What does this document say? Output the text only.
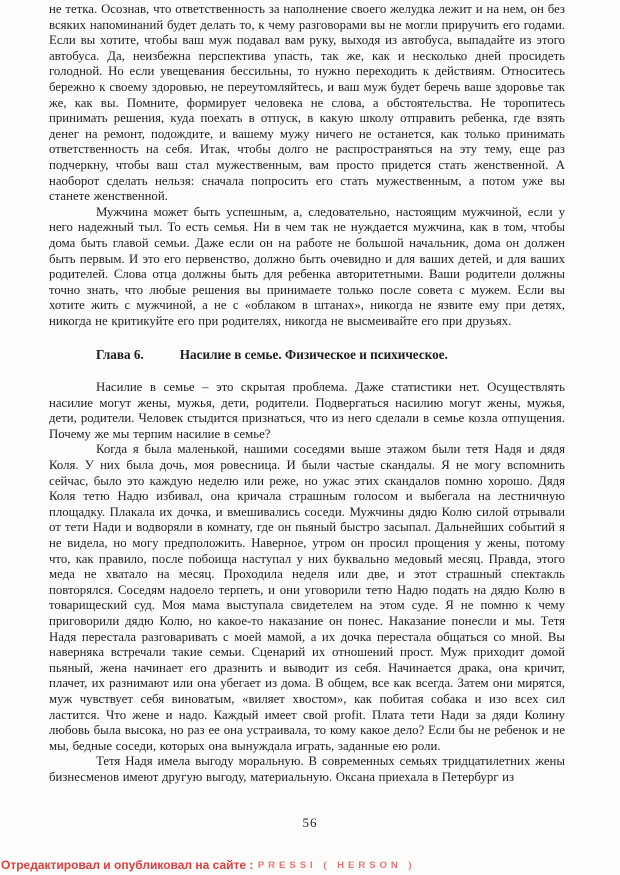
не тетка. Осознав, что ответственность за наполнение своего желудка лежит и на нем, он без всяких напоминаний будет делать то, к чему разговорами вы не могли приручить его годами. Если вы хотите, чтобы ваш муж подавал вам руку, выходя из автобуса, выпадайте из этого автобуса. Да, неизбежна перспектива упасть, так же, как и несколько дней просидеть голодной. Но если увещевания бессильны, то нужно переходить к действиям. Относитесь бережно к своему здоровью, не переутомляйтесь, и ваш муж будет беречь ваше здоровье так же, как вы. Помните, формирует человека не слова, а обстоятельства. Не торопитесь принимать решения, куда поехать в отпуск, в какую школу отправить ребенка, где взять денег на ремонт, подождите, и вашему мужу ничего не останется, как только принимать ответственность на себя. Итак, чтобы долго не распространяться на эту тему, еще раз подчеркну, чтобы ваш стал мужественным, вам просто придется стать женственной. А наоборот сделать нельзя: сначала попросить его стать мужественным, а потом уже вы станете женственной.

Мужчина может быть успешным, а, следовательно, настоящим мужчиной, если у него надежный тыл. То есть семья. Ни в чем так не нуждается мужчина, как в том, чтобы дома быть главой семьи. Даже если он на работе не большой начальник, дома он должен быть первым. И это его первенство, должно быть очевидно и для ваших детей, и для ваших родителей. Слова отца должны быть для ребенка авторитетными. Ваши родители должны точно знать, что любые решения вы принимаете только после совета с мужем. Если вы хотите жить с мужчиной, а не с «облаком в штанах», никогда не язвите ему при детях, никогда не критикуйте его при родителях, никогда не высмеивайте его при друзьях.

Глава 6.	Насилие в семье. Физическое и психическое.

Насилие в семье – это скрытая проблема. Даже статистики нет. Осуществлять насилие могут жены, мужья, дети, родители. Подвергаться насилию могут жены, мужья, дети, родители. Человек стыдится признаться, что из него сделали в семье козла отпущения. Почему же мы терпим насилие в семье?

Когда я была маленькой, нашими соседями выше этажом были тетя Надя и дядя Коля. У них была дочь, моя ровесница. И были частые скандалы. Я не могу вспомнить сейчас, было это каждую неделю или реже, но ужас этих скандалов помню хорошо. Дядя Коля тетю Надю избивал, она кричала страшным голосом и выбегала на лестничную площадку. Плакала их дочка, и вмешивались соседи. Мужчины дядю Колю силой отрывали от тети Нади и водворяли в комнату, где он пьяный быстро засыпал. Дальнейших событий я не видела, но могу предположить. Наверное, утром он просил прощения у жены, потому что, как правило, после побоища наступал у них буквально медовый месяц. Правда, этого меда не хватало на месяц. Проходила неделя или две, и этот страшный спектакль повторялся. Соседям надоело терпеть, и они уговорили тетю Надю подать на дядю Колю в товарищеский суд. Моя мама выступала свидетелем на этом суде. Я не помню к чему приговорили дядю Колю, но какое-то наказание он понес. Наказание понесли и мы. Тетя Надя перестала разговаривать с моей мамой, а их дочка перестала общаться со мной. Вы наверняка встречали такие семьи. Сценарий их отношений прост. Муж приходит домой пьяный, жена начинает его дразнить и выводит из себя. Начинается драка, она кричит, плачет, их разнимают или она убегает из дома. В общем, все как всегда. Затем они мирятся, муж чувствует себя виноватым, «виляет хвостом», как побитая собака и изо всех сил ластится. Что жене и надо. Каждый имеет свой profit. Плата тети Нади за дяди Колину любовь была высока, но раз ее она устраивала, то кому какое дело? Если бы не ребенок и не мы, бедные соседи, которых она вынуждала играть, заданные ею роли.

Тетя Надя имела выгоду моральную. В современных семьях тридцатилетних жены бизнесменов имеют другую выгоду, материальную. Оксана приехала в Петербург из

56
Отредактировал и опубликовал на сайте : PRESSI ( HERSON )
